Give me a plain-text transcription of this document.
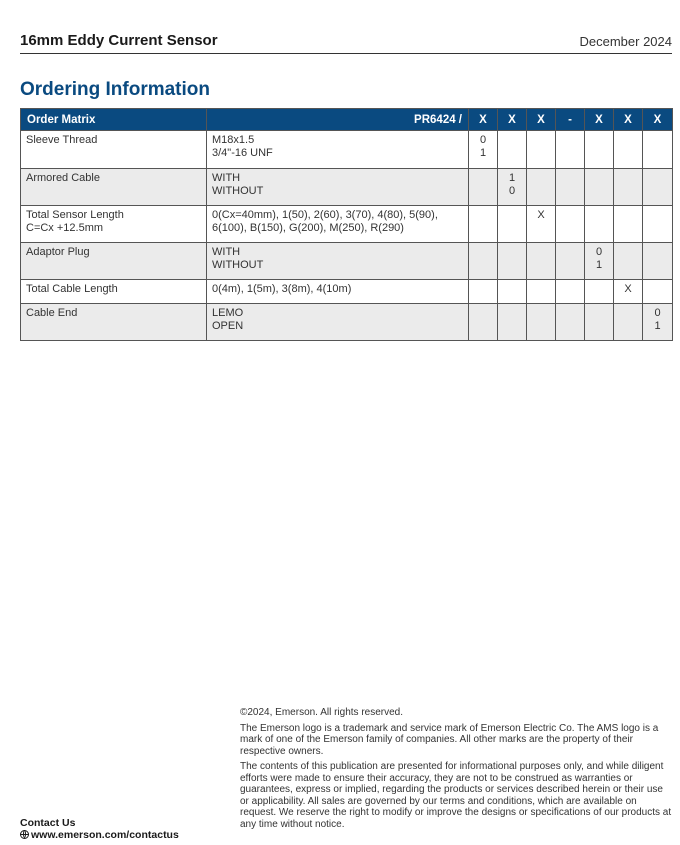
16mm Eddy Current Sensor	December 2024
Ordering Information
Order Matrix	PR6424 /	X	X	X	-	X	X	X

Sleeve Thread	M18x1.5
3/4"-16 UNF	0
1						

Armored Cable	WITH
WITHOUT		1
0					

Total Sensor Length
C=Cx +12.5mm	0(Cx=40mm), 1(50), 2(60), 3(70), 4(80), 5(90),
6(100), B(150), G(200), M(250), R(290)			X				

Adaptor Plug	WITH
WITHOUT					0
1		

Total Cable Length	0(4m), 1(5m), 3(8m), 4(10m)						X	

Cable End	LEMO
OPEN							0
1

©2024, Emerson. All rights reserved.

The Emerson logo is a trademark and service mark of Emerson Electric Co. The AMS logo is a mark of one of the Emerson family of companies. All other marks are the property of their respective owners.

The contents of this publication are presented for informational purposes only, and while diligent efforts were made to ensure their accuracy, they are not to be construed as warranties or guarantees, express or implied, regarding the products or services described herein or their use or applicability. All sales are governed by our terms and conditions, which are available on request. We reserve the right to modify or improve the designs or specifications of our products at any time without notice.

Contact Us
www.emerson.com/contactus
